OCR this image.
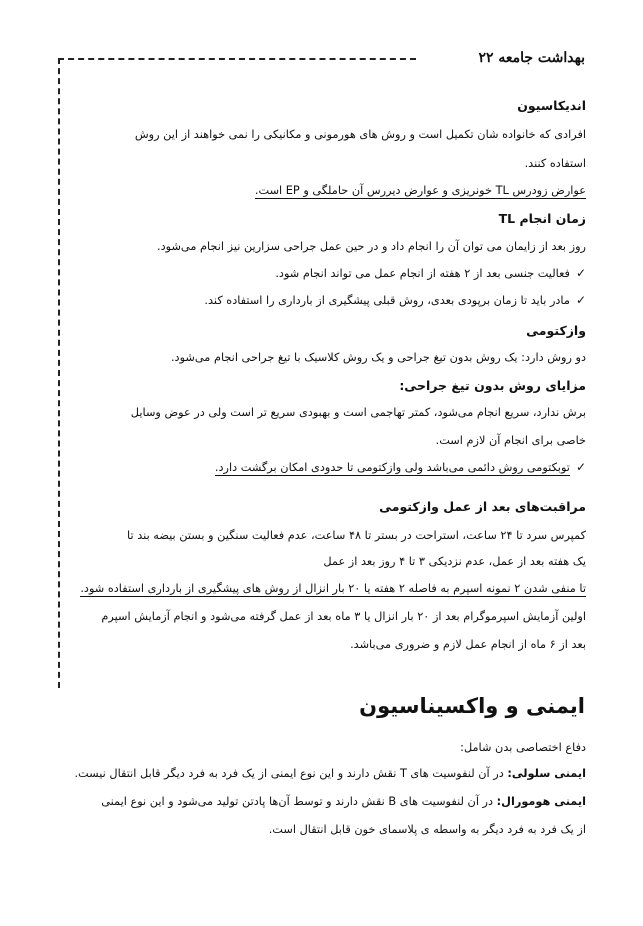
بهداشت جامعه ۲۲
اندیکاسیون
افرادی که خانواده شان تکمیل است و روش های هورمونی و مکانیکی را نمی خواهند از این روش
استفاده کنند.
عوارض زودرس TL خونریزی و عوارض دیررس آن حاملگی و EP است.
زمان انجام TL
روز بعد از زایمان می توان آن را انجام داد و در حین عمل جراحی سزارین نیز انجام می‌شود.
✓فعالیت جنسی بعد از ۲ هفته از انجام عمل می تواند انجام شود.
✓مادر باید تا زمان برپودی بعدی، روش قبلی پیشگیری از بارداری را استفاده کند.
وازکتومی
دو روش دارد: یک روش بدون تیغ جراحی و یک روش کلاسیک با تیغ جراحی انجام می‌شود.
مزایای روش بدون تیغ جراحی:
برش ندارد، سریع انجام می‌شود، کمتر تهاجمی است و بهبودی سریع تر است ولی در عوض وسایل
خاصی برای انجام آن لازم است.
✓توبکتومی روش دائمی می‌باشد ولی وازکتومی تا حدودی امکان برگشت دارد.
مراقبت‌های بعد از عمل وازکتومی
کمپرس سرد تا ۲۴ ساعت، استراحت در بستر تا ۴۸ ساعت، عدم فعالیت سنگین و بستن بیضه بند تا
یک هفته بعد از عمل، عدم نزدیکی ۳ تا ۴ روز بعد از عمل
تا منفی شدن ۲ نمونه اسپرم به فاصله ۲ هفته یا ۲۰ بار انزال از روش های پیشگیری از بارداری استفاده شود.
اولین آزمایش اسپرموگرام بعد از ۲۰ بار انزال یا ۳ ماه بعد از عمل گرفته می‌شود و انجام آزمایش اسپرم
بعد از ۶ ماه از انجام عمل لازم و ضروری می‌باشد.
ایمنی و واکسیناسیون
دفاع اختصاصی بدن شامل:
ایمنی سلولی: در آن لنفوسیت های T نقش دارند و این نوع ایمنی از یک فرد به فرد دیگر قابل انتقال نیست.
ایمنی هومورال: در آن لنفوسیت های B نقش دارند و توسط آن‌ها پادتن تولید می‌شود و این نوع ایمنی
از یک فرد به فرد دیگر به واسطه ی پلاسمای خون قابل انتقال است.
